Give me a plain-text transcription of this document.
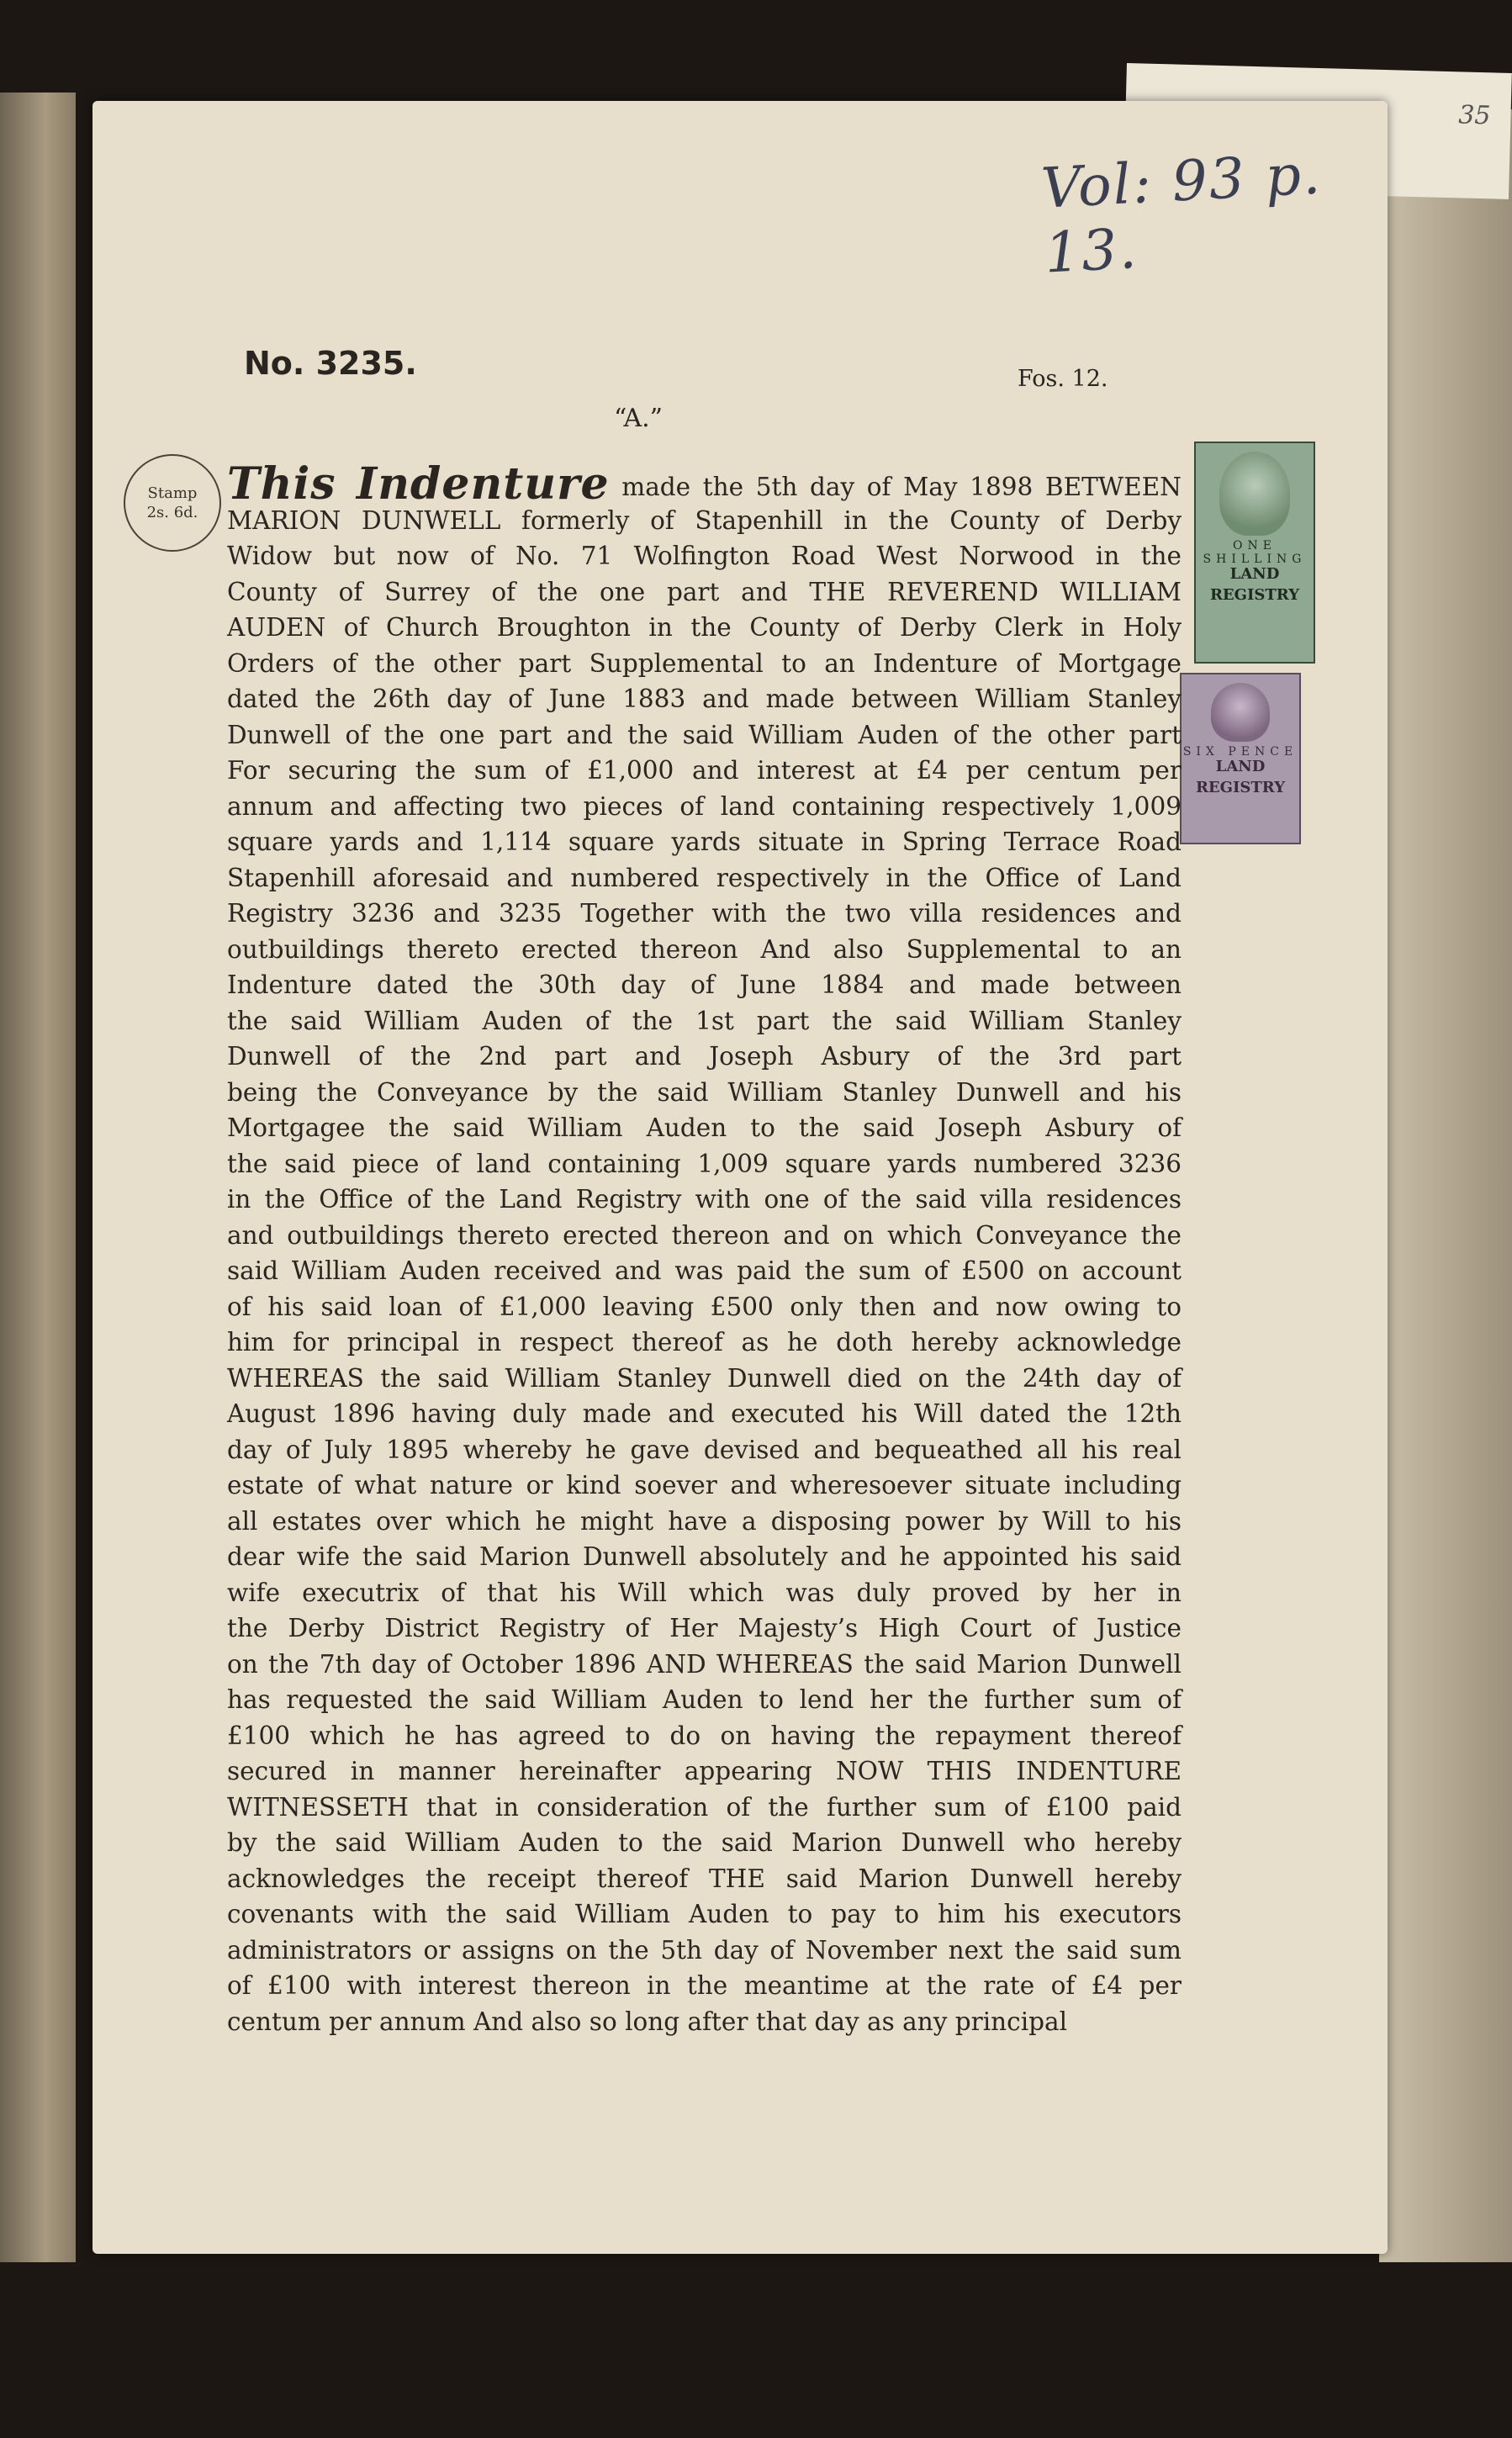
35
Vol: 93 p. 13.
No. 3235.	Fos. 12.
“A.”
Stamp
2s. 6d.
ONE SHILLING
LAND
REGISTRY
SIX PENCE
LAND
REGISTRY
This Indenture made the 5th day of May 1898 BETWEEN
MARION DUNWELL formerly of Stapenhill in the County of Derby
Widow but now of No. 71 Wolfington Road West Norwood in the
County of Surrey of the one part and THE REVEREND WILLIAM
AUDEN of Church Broughton in the County of Derby Clerk in Holy
Orders of the other part Supplemental to an Indenture of Mortgage
dated the 26th day of June 1883 and made between William Stanley
Dunwell of the one part and the said William Auden of the other part
For securing the sum of £1,000 and interest at £4 per centum per
annum and affecting two pieces of land containing respectively 1,009
square yards and 1,114 square yards situate in Spring Terrace Road
Stapenhill aforesaid and numbered respectively in the Office of Land
Registry 3236 and 3235 Together with the two villa residences and
outbuildings thereto erected thereon And also Supplemental to an
Indenture dated the 30th day of June 1884 and made between
the said William Auden of the 1st part the said William Stanley
Dunwell of the 2nd part and Joseph Asbury of the 3rd part
being the Conveyance by the said William Stanley Dunwell and his
Mortgagee the said William Auden to the said Joseph Asbury of
the said piece of land containing 1,009 square yards numbered 3236
in the Office of the Land Registry with one of the said villa residences
and outbuildings thereto erected thereon and on which Conveyance the
said William Auden received and was paid the sum of £500 on account
of his said loan of £1,000 leaving £500 only then and now owing to
him for principal in respect thereof as he doth hereby acknowledge
WHEREAS the said William Stanley Dunwell died on the 24th day of
August 1896 having duly made and executed his Will dated the 12th
day of July 1895 whereby he gave devised and bequeathed all his real
estate of what nature or kind soever and wheresoever situate including
all estates over which he might have a disposing power by Will to his
dear wife the said Marion Dunwell absolutely and he appointed his said
wife executrix of that his Will which was duly proved by her in
the Derby District Registry of Her Majesty’s High Court of Justice
on the 7th day of October 1896 AND WHEREAS the said Marion Dunwell
has requested the said William Auden to lend her the further sum of
£100 which he has agreed to do on having the repayment thereof
secured in manner hereinafter appearing NOW THIS INDENTURE
WITNESSETH that in consideration of the further sum of £100 paid
by the said William Auden to the said Marion Dunwell who hereby
acknowledges the receipt thereof THE said Marion Dunwell hereby
covenants with the said William Auden to pay to him his executors
administrators or assigns on the 5th day of November next the said sum
of £100 with interest thereon in the meantime at the rate of £4 per
centum per annum And also so long after that day as any principal
